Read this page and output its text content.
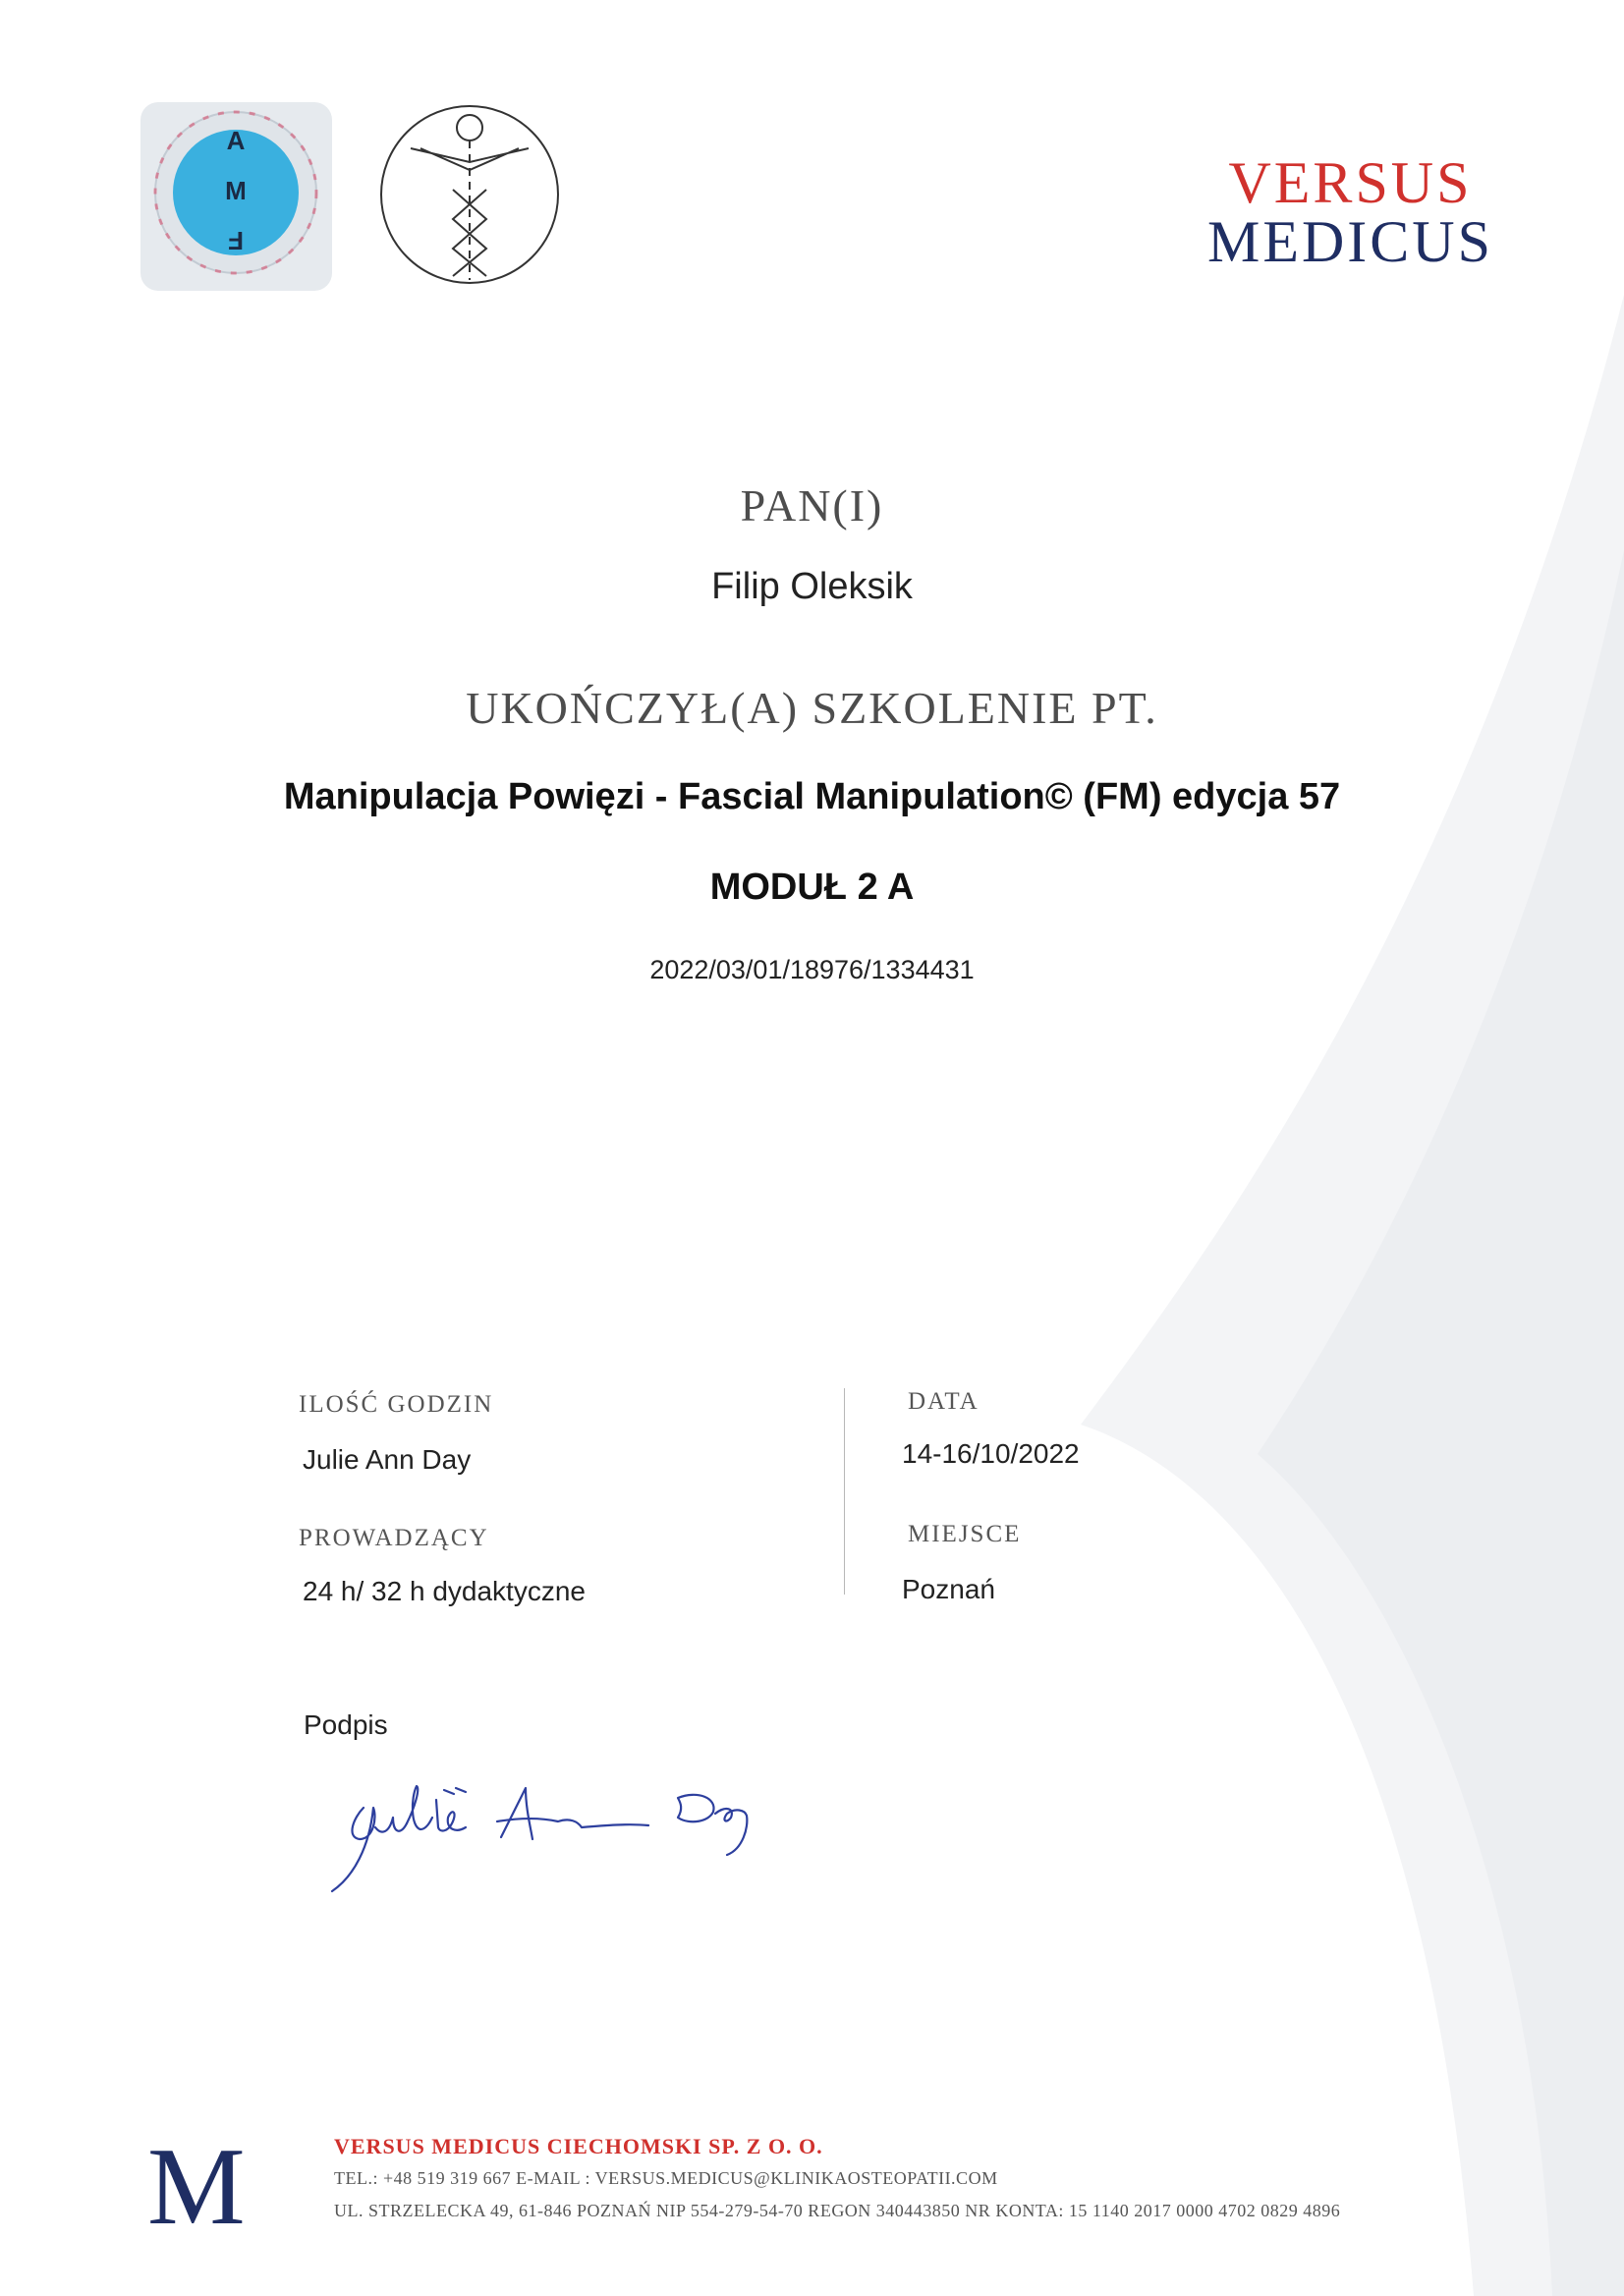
A
M
F
VERSUS
MEDICUS
PAN(I)
Filip Oleksik
UKOŃCZYŁ(A) SZKOLENIE PT.
Manipulacja Powięzi - Fascial Manipulation© (FM) edycja 57
MODUŁ 2 A
2022/03/01/18976/1334431
ILOŚĆ GODZIN
Julie Ann Day
PROWADZĄCY
24 h/ 32 h dydaktyczne
DATA
14-16/10/2022
MIEJSCE
Poznań
Podpis
M	VERSUS MEDICUS CIECHOMSKI SP. Z O. O.
TEL.: +48 519 319 667 E-MAIL : VERSUS.MEDICUS@KLINIKAOSTEOPATII.COM
UL. STRZELECKA 49, 61-846 POZNAŃ NIP 554-279-54-70 REGON 340443850 NR KONTA: 15 1140 2017 0000 4702 0829 4896
